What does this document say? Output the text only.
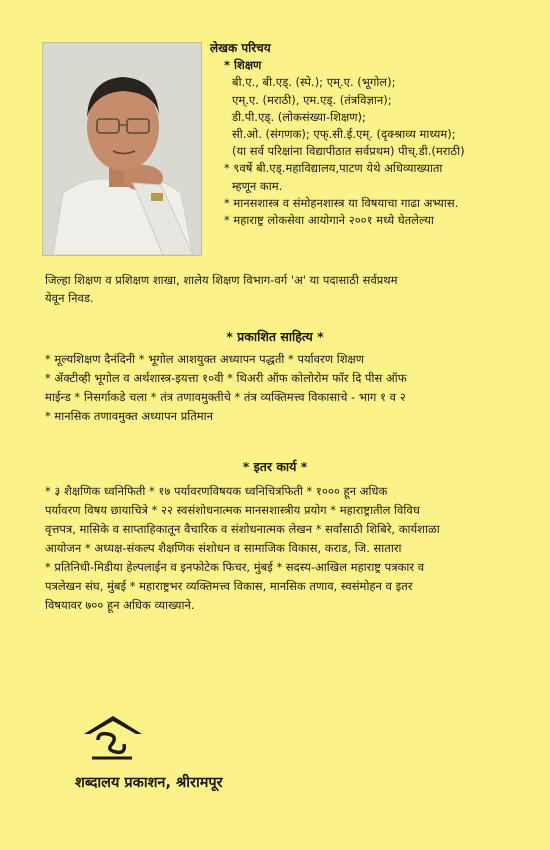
लेखक परिचय
* शिक्षण
बी.ए., बी.एड्. (स्पे.); एम्.ए. (भूगोल);
एम्.ए. (मराठी), एम.एड्. (तंत्रविज्ञान);
डी.पी.एड्. (लोकसंख्या-शिक्षण);
सी.ओ. (संगणक); एफ्.सी.ई.एम्. (दृक्श्राव्य माध्यम);
(या सर्व परिक्षांना विद्यापीठात सर्वप्रथम) पीच्.डी.(मराठी)
* ९वर्षे बी.एड्.महाविद्यालय,पाटण येथे अधिव्याख्याता
म्हणून काम.
* मानसशास्त्र व संमोहनशास्त्र या विषयाचा गाढा अभ्यास.
* महाराष्ट्र लोकसेवा आयोगाने २००१ मध्ये घेतलेल्या
जिल्हा शिक्षण व प्रशिक्षण शाखा, शालेय शिक्षण विभाग-वर्ग 'अ' या पदासाठी सर्वप्रथम
येवून निवड.
* प्रकाशित साहित्य *
* मूल्यशिक्षण दैनंदिनी * भूगोल आशयुक्त अध्यापन पद्धती * पर्यावरण शिक्षण
* ॲक्टीव्ही भूगोल व अर्थशास्त्र-इयत्ता १०वी * थिअरी ऑफ कोलोरोम फॉर दि पीस ऑफ
माईन्ड * निसर्गाकडे चला * तंत्र तणावमुक्तीचे * तंत्र व्यक्तिमत्त्व विकासाचे - भाग १ व २
* मानसिक तणावमुक्त अध्यापन प्रतिमान
* इतर कार्य *
* ३ शैक्षणिक ध्वनिफिती * १७ पर्यावरणविषयक ध्वनिचित्रफिती * १००० हून अधिक
पर्यावरण विषय छायाचित्रे * २२ स्वसंशोधनात्मक मानसशास्त्रीय प्रयोग * महाराष्ट्रातील विविध
वृत्तपत्र, मासिके व साप्ताहिकातून वैचारिक व संशोधनात्मक लेखन * सर्वांसाठी शिबिरे, कार्यशाळा
आयोजन * अध्यक्ष-संकल्प शैक्षणिक संशोधन व सामाजिक विकास, कराड, जि. सातारा
* प्रतिनिधी-मिडीया हेल्पलाईन व इनफोटेक फिचर, मुंबई * सदस्य-आखिल महाराष्ट्र पत्रकार व
पत्रलेखन संघ, मुंबई * महाराष्ट्रभर व्यक्तिमत्त्व विकास, मानसिक तणाव, स्वसंमोहन व इतर
विषयावर ७०० हून अधिक व्याख्याने.
शब्दालय प्रकाशन, श्रीरामपूर
